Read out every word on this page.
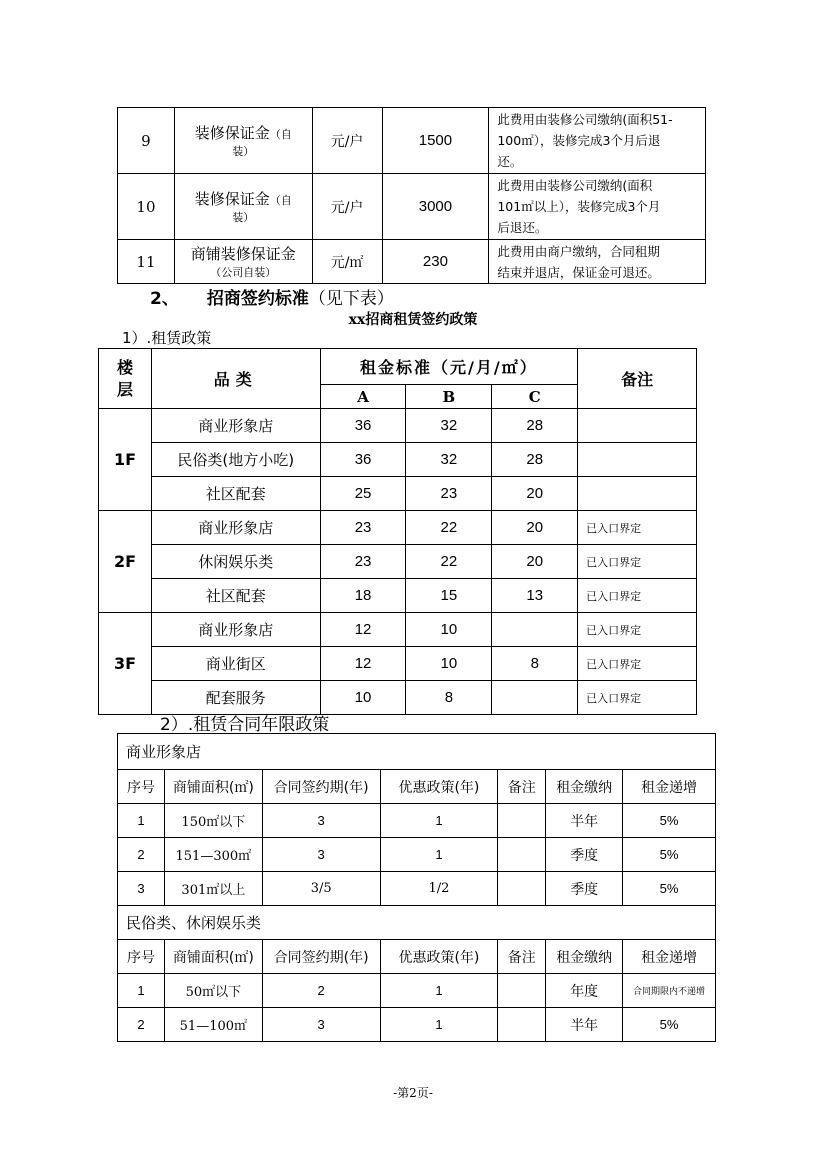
9	装修保证金（自
装）	元/户	1500	此费用由装修公司缴纳(面积51-
100㎡），装修完成3个月后退
还。
10	装修保证金（自
装）	元/户	3000	此费用由装修公司缴纳(面积
101㎡以上），装修完成3个月
后退还。
11	商铺装修保证金
（公司自装）	元/㎡	230	此费用由商户缴纳，合同租期
结束并退店，保证金可退还。
2、 招商签约标准（见下表）
xx招商租赁签约政策
1）.租赁政策
楼层	品类	租金标准（元/月/㎡）			备注
		A	B	C	
1F	商业形象店	36	32	28	
	民俗类(地方小吃)	36	32	28	
	社区配套	25	23	20	
2F	商业形象店	23	22	20	已入口界定
	休闲娱乐类	23	22	20	已入口界定
	社区配套	18	15	13	已入口界定
3F	商业形象店	12	10		已入口界定
	商业街区	12	10	8	已入口界定
	配套服务	10	8		已入口界定
2）.租赁合同年限政策
商业形象店						
序号	商铺面积(㎡)	合同签约期(年)	优惠政策(年)	备注	租金缴纳	租金递增
1	150㎡以下	3	1		半年	5%
2	151—300㎡	3	1		季度	5%
3	301㎡以上	3/5	1/2		季度	5%
民俗类、休闲娱乐类						
序号	商铺面积(㎡)	合同签约期(年)	优惠政策(年)	备注	租金缴纳	租金递增
1	50㎡以下	2	1		年度	合同期限内不递增
2	51—100㎡	3	1		半年	5%
-第2页-
